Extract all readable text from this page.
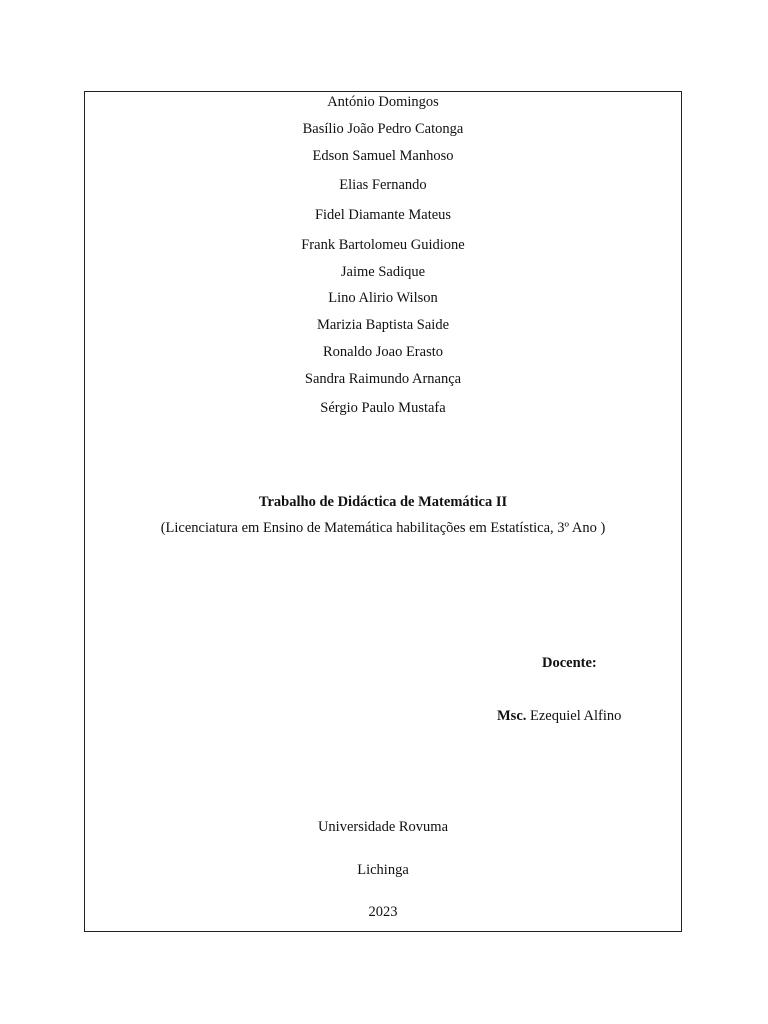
António Domingos
Basílio João Pedro Catonga
Edson Samuel Manhoso
Elias Fernando
Fidel Diamante Mateus
Frank Bartolomeu Guidione
Jaime Sadique
Lino Alirio Wilson
Marizia Baptista Saide
Ronaldo Joao Erasto
Sandra Raimundo Arnança
Sérgio Paulo Mustafa
Trabalho de Didáctica de Matemática II
(Licenciatura em Ensino de Matemática habilitações em Estatística, 3º Ano )
Docente:
Msc. Ezequiel Alfino
Universidade Rovuma
Lichinga
2023
